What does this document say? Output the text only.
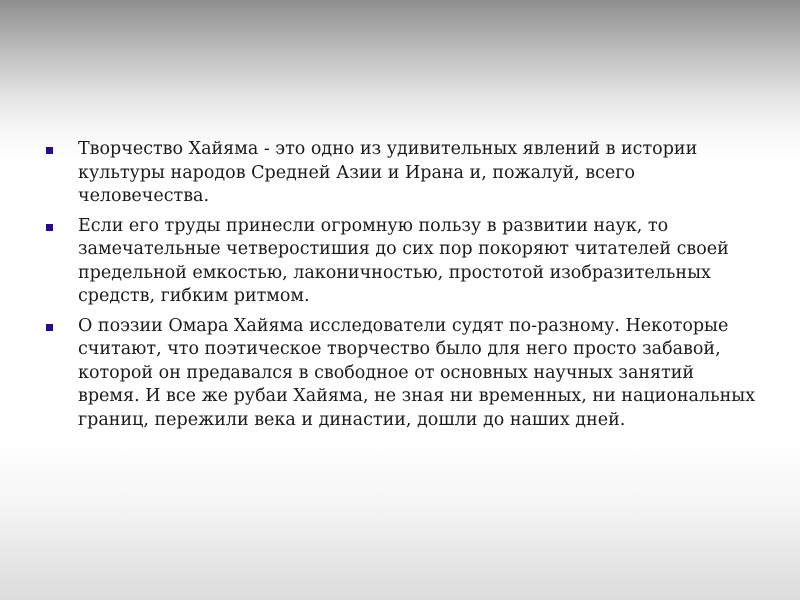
Творчество Хайяма - это одно из удивительных явлений в истории культуры народов Средней Азии и Ирана и, пожалуй, всего человечества.
Если его труды принесли огромную пользу в развитии наук, то замечательные четверостишия до сих пор покоряют читателей своей предельной емкостью, лаконичностью, простотой изобразительных средств, гибким ритмом.
О поэзии Омара Хайяма исследователи судят по-разному. Некоторые считают, что поэтическое творчество было для него просто забавой, которой он предавался в свободное от основных научных занятий время. И все же рубаи Хайяма, не зная ни временных, ни национальных границ, пережили века и династии, дошли до наших дней.
